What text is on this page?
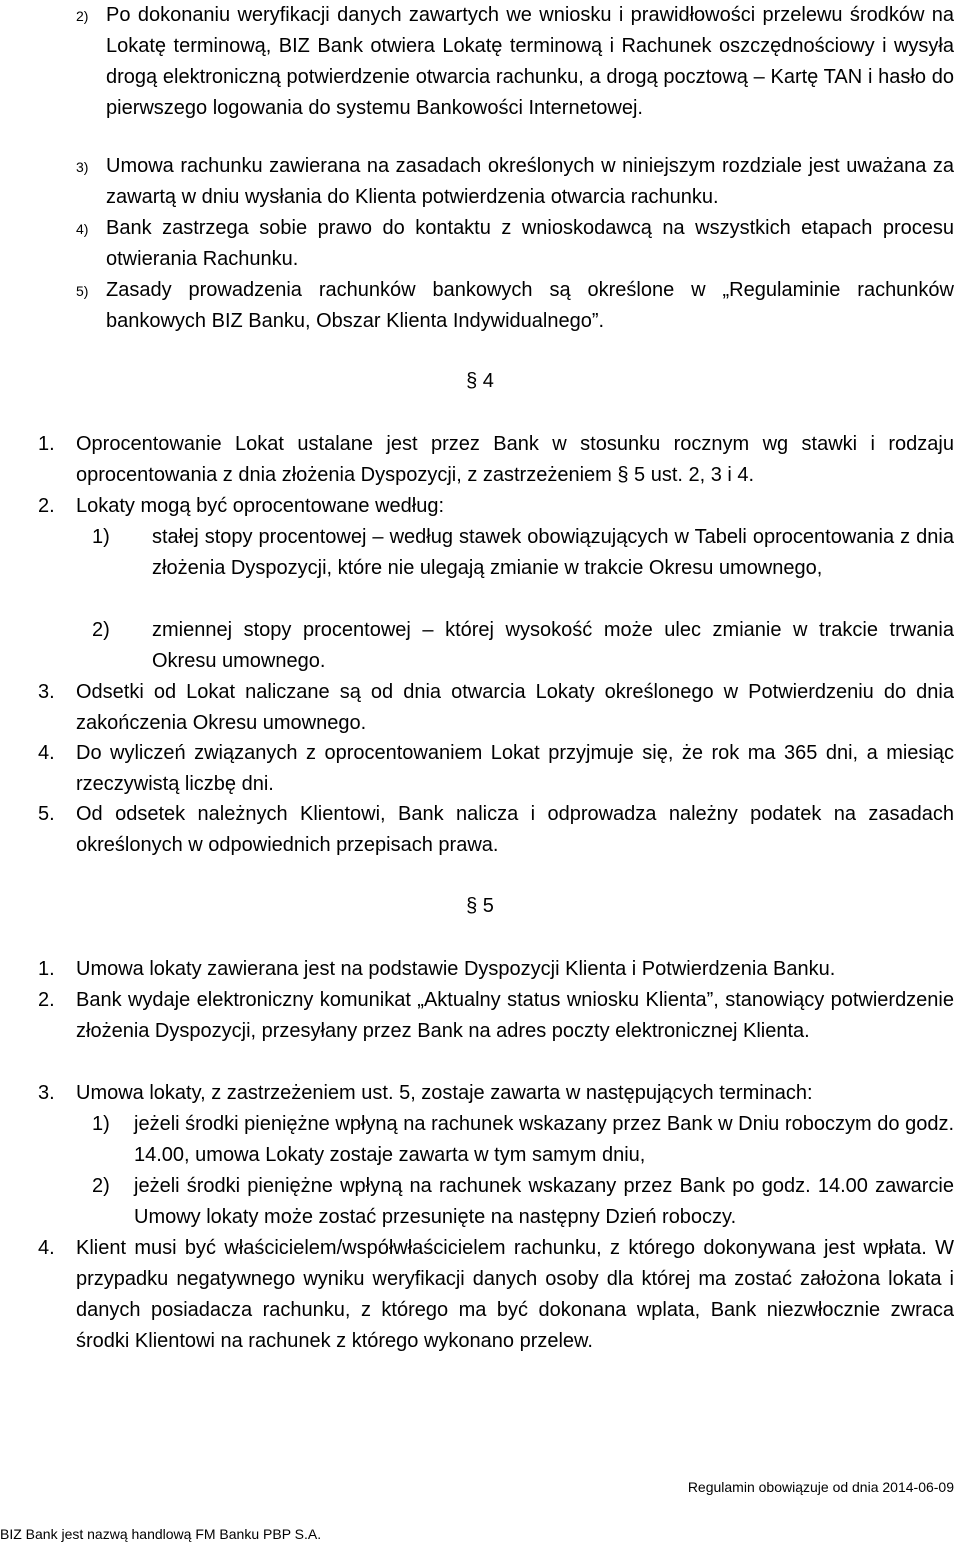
2) Po dokonaniu weryfikacji danych zawartych we wniosku i prawidłowości przelewu środków na Lokatę terminową, BIZ Bank otwiera Lokatę terminową i Rachunek oszczędnościowy i wysyła drogą elektroniczną potwierdzenie otwarcia rachunku, a drogą pocztową – Kartę TAN i hasło do pierwszego logowania do systemu Bankowości Internetowej.
3) Umowa rachunku zawierana na zasadach określonych w niniejszym rozdziale jest uważana za zawartą w dniu wysłania do Klienta potwierdzenia otwarcia rachunku.
4) Bank zastrzega sobie prawo do kontaktu z wnioskodawcą na wszystkich etapach procesu otwierania Rachunku.
5) Zasady prowadzenia rachunków bankowych są określone w „Regulaminie rachunków bankowych BIZ Banku, Obszar Klienta Indywidualnego”.
§ 4
1. Oprocentowanie Lokat ustalane jest przez Bank w stosunku rocznym wg stawki i rodzaju oprocentowania z dnia złożenia Dyspozycji, z zastrzeżeniem § 5 ust. 2, 3 i 4.
2. Lokaty mogą być oprocentowane według:
1) stałej stopy procentowej – według stawek obowiązujących w Tabeli oprocentowania z dnia złożenia Dyspozycji, które nie ulegają zmianie w trakcie Okresu umownego,
2) zmiennej stopy procentowej – której wysokość może ulec zmianie w trakcie trwania Okresu umownego.
3. Odsetki od Lokat naliczane są od dnia otwarcia Lokaty określonego w Potwierdzeniu do dnia zakończenia Okresu umownego.
4. Do wyliczeń związanych z oprocentowaniem Lokat przyjmuje się, że rok ma 365 dni, a miesiąc rzeczywistą liczbę dni.
5. Od odsetek należnych Klientowi, Bank nalicza i odprowadza należny podatek na zasadach określonych w odpowiednich przepisach prawa.
§ 5
1. Umowa lokaty zawierana jest na podstawie Dyspozycji Klienta i Potwierdzenia Banku.
2. Bank wydaje elektroniczny komunikat „Aktualny status wniosku Klienta”, stanowiący potwierdzenie złożenia Dyspozycji, przesyłany przez Bank na adres poczty elektronicznej Klienta.
3. Umowa lokaty, z zastrzeżeniem ust. 5, zostaje zawarta w następujących terminach:
1) jeżeli środki pieniężne wpłyną na rachunek wskazany przez Bank w Dniu roboczym do godz. 14.00, umowa Lokaty zostaje zawarta w tym samym dniu,
2) jeżeli środki pieniężne wpłyną na rachunek wskazany przez Bank po godz. 14.00 zawarcie Umowy lokaty może zostać przesunięte na następny Dzień roboczy.
4. Klient musi być właścicielem/współwłaścicielem rachunku, z którego dokonywana jest wpłata. W przypadku negatywnego wyniku weryfikacji danych osoby dla której ma zostać założona lokata i danych posiadacza rachunku, z którego ma być dokonana wplata, Bank niezwłocznie zwraca środki Klientowi na rachunek z którego wykonano przelew.
Regulamin obowiązuje od dnia 2014-06-09
BIZ Bank jest nazwą handlową FM Banku PBP S.A.
